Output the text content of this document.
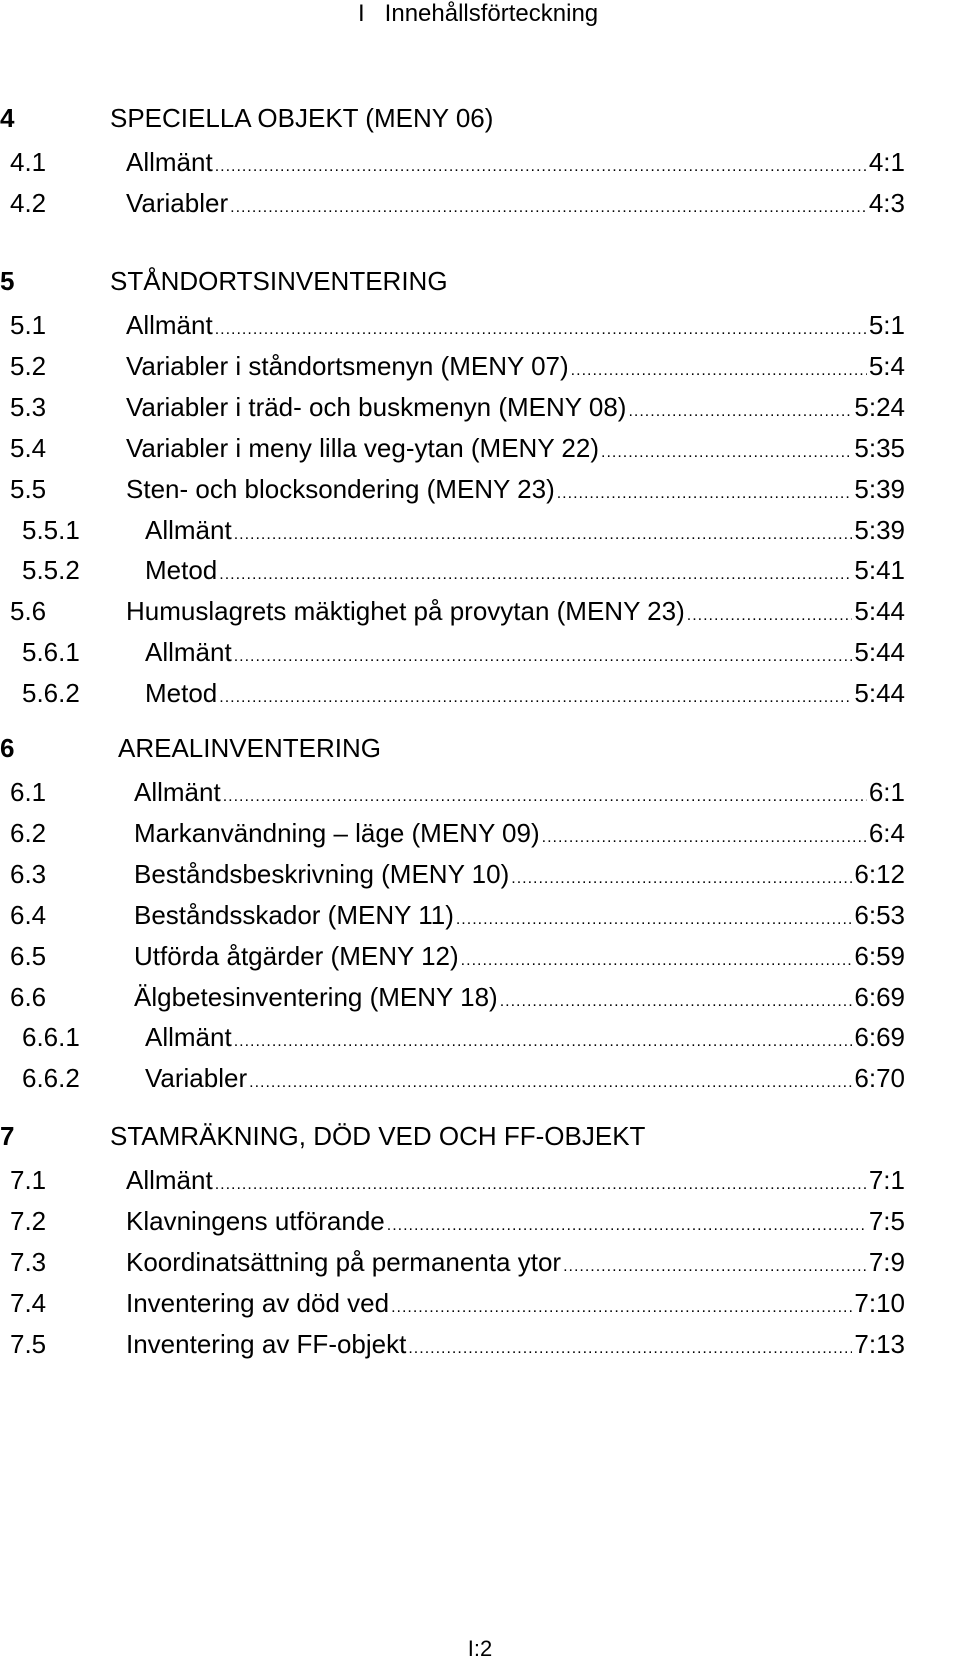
I   Innehållsförteckning
4	SPECIELLA OBJEKT (MENY 06)
4.1	Allmänt .....	4:1
4.2	Variabler .....	4:3
5	STÅNDORTSINVENTERING
5.1	Allmänt .....	5:1
5.2	Variabler i ståndortsmenyn (MENY 07) .....	5:4
5.3	Variabler i träd- och buskmenyn (MENY 08) .....	5:24
5.4	Variabler i meny lilla veg-ytan (MENY 22) .....	5:35
5.5	Sten- och blocksondering (MENY 23) .....	5:39
5.5.1	Allmänt .....	5:39
5.5.2	Metod .....	5:41
5.6	Humuslagrets mäktighet på provytan (MENY 23) .....	5:44
5.6.1	Allmänt .....	5:44
5.6.2	Metod .....	5:44
6	AREALINVENTERING
6.1	Allmänt .....	6:1
6.2	Markanvändning – läge (MENY 09) .....	6:4
6.3	Beståndsbeskrivning (MENY 10) .....	6:12
6.4	Beståndsskador (MENY 11) .....	6:53
6.5	Utförda åtgärder (MENY 12) .....	6:59
6.6	Älgbetesinventering (MENY 18) .....	6:69
6.6.1	Allmänt .....	6:69
6.6.2	Variabler .....	6:70
7	STAMRÄKNING, DÖD VED OCH FF-OBJEKT
7.1	Allmänt .....	7:1
7.2	Klavningens utförande .....	7:5
7.3	Koordinatsättning på permanenta ytor .....	7:9
7.4	Inventering av död ved .....	7:10
7.5	Inventering av FF-objekt .....	7:13
I:2
